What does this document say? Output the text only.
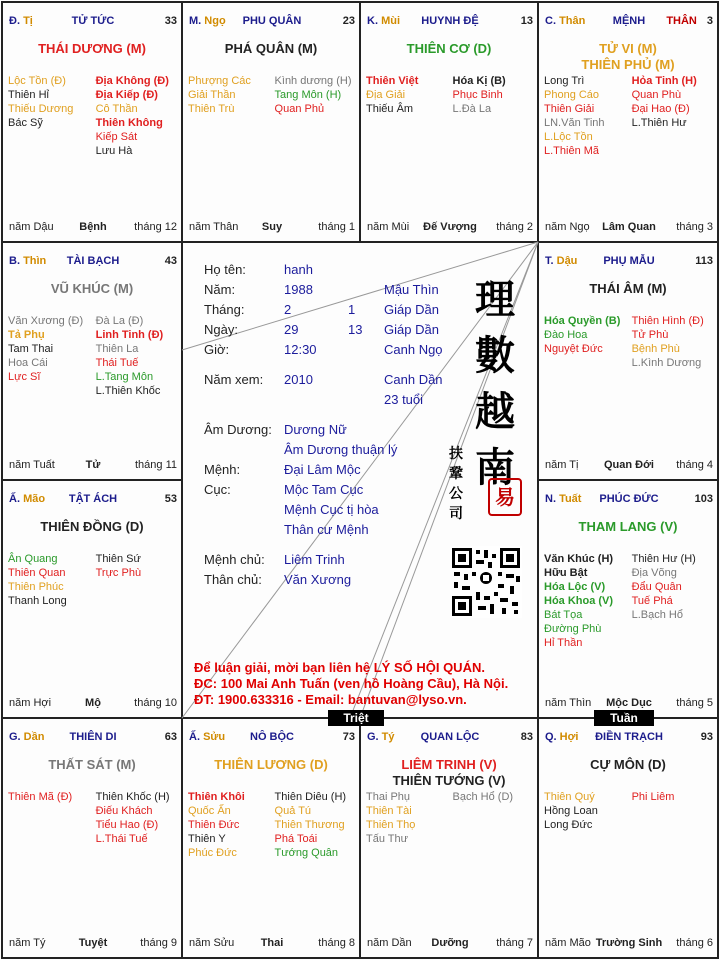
Đ. Tị	TỬ TỨC	33
THÁI DƯƠNG (M)
Lộc Tồn (Đ)
Thiên Hỉ
Thiếu Dương
Bác Sỹ
Địa Không (Đ)
Địa Kiếp (Đ)
Cô Thần
Thiên Không
Kiếp Sát
Lưu Hà
năm Dậu	Bệnh	tháng 12
M. Ngọ	PHU QUÂN	23
PHÁ QUÂN (M)
Phượng Các
Giải Thần
Thiên Trù
Kình dương (H)
Tang Môn (H)
Quan Phủ
năm Thân	Suy	tháng 1
K. Mùi	HUYNH ĐỆ	13
THIÊN CƠ (D)
Thiên Việt
Địa Giải
Thiếu Âm
Hóa Kị (B)
Phục Binh
L.Đà La
năm Mùi	Đế Vượng	tháng 2
C. Thân	MỆNH	THÂN 3
TỬ VI (M)
THIÊN PHỦ (M)
Long Trì
Phong Cáo
Thiên Giải
LN.Văn Tinh
L.Lộc Tồn
L.Thiên Mã
Hỏa Tinh (H)
Quan Phù
Đại Hao (Đ)
L.Thiên Hư
năm Ngọ	Lâm Quan	tháng 3
B. Thìn	TÀI BẠCH	43
VŨ KHÚC (M)
Văn Xương (Đ)
Tả Phụ
Tam Thai
Hoa Cái
Lực Sĩ
Đà La (Đ)
Linh Tinh (Đ)
Thiên La
Thái Tuế
L.Tang Môn
L.Thiên Khốc
năm Tuất	Tử	tháng 11
T. Dậu	PHỤ MẪU	113
THÁI ÂM (M)
Hóa Quyền (B)
Đào Hoa
Nguyệt Đức
Thiên Hình (Đ)
Tử Phù
Bệnh Phù
L.Kình Dương
năm Tị	Quan Đới	tháng 4
Ấ. Mão	TẬT ÁCH	53
THIÊN ĐỒNG (D)
Ân Quang
Thiên Quan
Thiên Phúc
Thanh Long
Thiên Sứ
Trực Phù
năm Hợi	Mộ	tháng 10
N. Tuất	PHÚC ĐỨC	103
THAM LANG (V)
Văn Khúc (H)
Hữu Bật
Hóa Lộc (V)
Hóa Khoa (V)
Bát Tọa
Đường Phù
Hỉ Thần
Thiên Hư (H)
Địa Võng
Đẩu Quân
Tuế Phá
L.Bạch Hổ
năm Thìn	Mộc Dục	tháng 5
G. Dần	THIÊN DI	63
THẤT SÁT (M)
Thiên Mã (Đ) Thiên Khốc (H)
Điếu Khách
Tiểu Hao (Đ)
L.Thái Tuế
năm Tý	Tuyệt	tháng 9
Ấ. Sửu	NÔ BỘC	73
THIÊN LƯƠNG (D)
Thiên Khôi
Quốc Ấn
Thiên Đức
Thiên Y
Phúc Đức
Thiên Diêu (H)
Quả Tú
Thiên Thương
Phá Toái
Tướng Quân
năm Sửu	Thai	tháng 8
G. Tý	QUAN LỘC	83
LIÊM TRINH (V)
THIÊN TƯỚNG (V)
Thai Phụ
Thiên Tài
Thiên Thọ
Tấu Thư
Bạch Hổ (D)
năm Dần	Dưỡng	tháng 7
Q. Hợi	ĐIỀN TRẠCH	93
CỰ MÔN (D)
Thiên Quý
Hồng Loan
Long Đức
Phi Liêm
năm Mão Trường Sinh	tháng 6
Họ tên:	hanh
Năm:	1988	Mậu Thìn
Tháng:	2	1 Giáp Dần
Ngày:	29	13 Giáp Dần
Giờ:	12:30	Canh Ngọ
Năm xem: 2010	Canh Dần
23 tuổi
Âm Dương: Dương Nữ
Âm Dương thuận lý
Mệnh:	Đại Lâm Mộc
Cục:	Mộc Tam Cục
Mệnh Cục tị hòa
Thân cư Mệnh
Mệnh chủ: Liêm Trinh
Thân chủ: Văn Xương
理
數
越
南
扶
鞏
公
司
易
Để luận giải, mời bạn liên hệ LÝ SỐ HỘI QUÁN.
ĐC: 100 Mai Anh Tuấn (ven hồ Hoàng Cầu), Hà Nội.
ĐT: 1900.633316 - Email: bantuvan@lyso.vn.
Triệt	Tuần
